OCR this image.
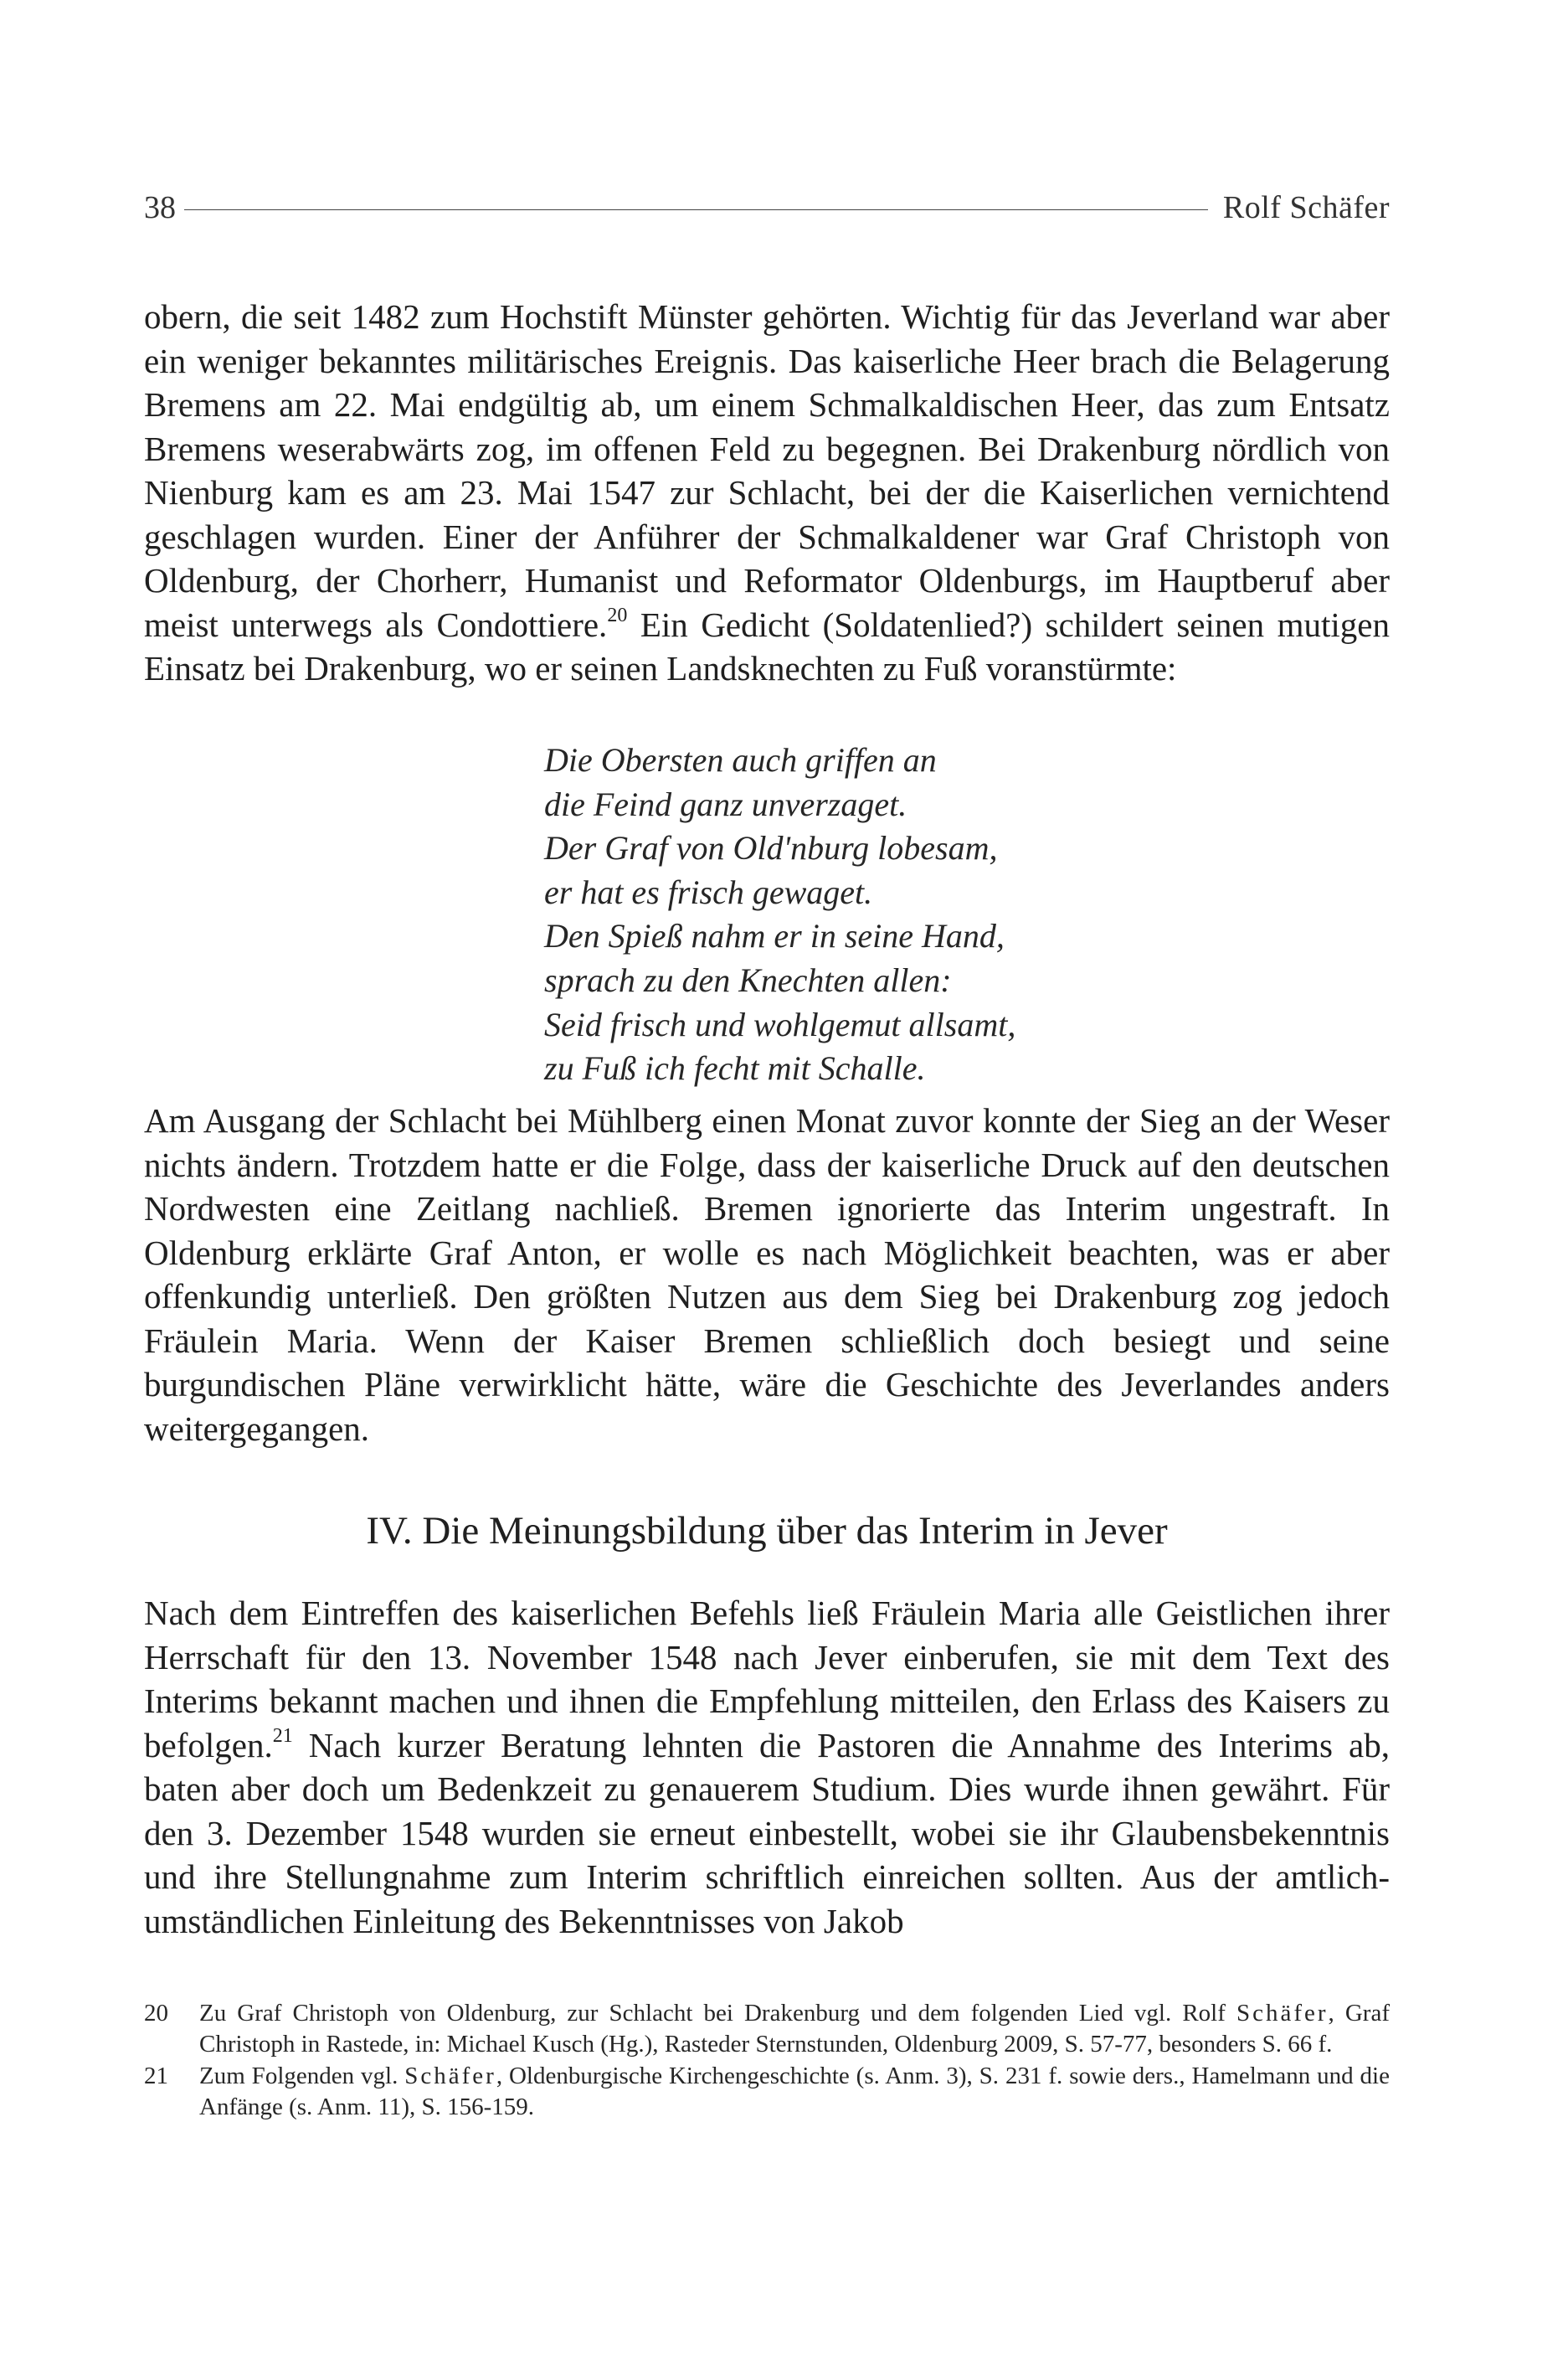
38	Rolf Schäfer

obern, die seit 1482 zum Hochstift Münster gehörten. Wichtig für das Jeverland war aber ein weniger bekanntes militärisches Ereignis. Das kaiserliche Heer brach die Belagerung Bremens am 22. Mai endgültig ab, um einem Schmalkaldischen Heer, das zum Entsatz Bremens weserabwärts zog, im offenen Feld zu begegnen. Bei Drakenburg nördlich von Nienburg kam es am 23. Mai 1547 zur Schlacht, bei der die Kaiserlichen vernichtend geschlagen wurden. Einer der Anführer der Schmalkaldener war Graf Christoph von Oldenburg, der Chorherr, Humanist und Reformator Oldenburgs, im Hauptberuf aber meist unterwegs als Condottiere.$^{20}$ Ein Gedicht (Soldatenlied?) schildert seinen mutigen Einsatz bei Drakenburg, wo er seinen Landsknechten zu Fuß voranstürmte:

Die Obersten auch griffen an
die Feind ganz unverzaget.
Der Graf von Old'nburg lobesam,
er hat es frisch gewaget.
Den Spieß nahm er in seine Hand,
sprach zu den Knechten allen:
Seid frisch und wohlgemut allsamt,
zu Fuß ich fecht mit Schalle.

Am Ausgang der Schlacht bei Mühlberg einen Monat zuvor konnte der Sieg an der Weser nichts ändern. Trotzdem hatte er die Folge, dass der kaiserliche Druck auf den deutschen Nordwesten eine Zeitlang nachließ. Bremen ignorierte das Interim ungestraft. In Oldenburg erklärte Graf Anton, er wolle es nach Möglichkeit beachten, was er aber offenkundig unterließ. Den größten Nutzen aus dem Sieg bei Drakenburg zog jedoch Fräulein Maria. Wenn der Kaiser Bremen schließlich doch besiegt und seine burgundischen Pläne verwirklicht hätte, wäre die Geschichte des Jeverlandes anders weitergegangen.

IV. Die Meinungsbildung über das Interim in Jever

Nach dem Eintreffen des kaiserlichen Befehls ließ Fräulein Maria alle Geistlichen ihrer Herrschaft für den 13. November 1548 nach Jever einberufen, sie mit dem Text des Interims bekannt machen und ihnen die Empfehlung mitteilen, den Erlass des Kaisers zu befolgen.$^{21}$ Nach kurzer Beratung lehnten die Pastoren die Annahme des Interims ab, baten aber doch um Bedenkzeit zu genauerem Studium. Dies wurde ihnen gewährt. Für den 3. Dezember 1548 wurden sie erneut einbestellt, wobei sie ihr Glaubensbekenntnis und ihre Stellungnahme zum Interim schriftlich einreichen sollten. Aus der amtlich-umständlichen Einleitung des Bekenntnisses von Jakob

20	Zu Graf Christoph von Oldenburg, zur Schlacht bei Drakenburg und dem folgenden Lied vgl. Rolf Schäfer, Graf Christoph in Rastede, in: Michael Kusch (Hg.), Rasteder Sternstunden, Oldenburg 2009, S. 57-77, besonders S. 66 f.
21	Zum Folgenden vgl. Schäfer, Oldenburgische Kirchengeschichte (s. Anm. 3), S. 231 f. sowie ders., Hamelmann und die Anfänge (s. Anm. 11), S. 156-159.
